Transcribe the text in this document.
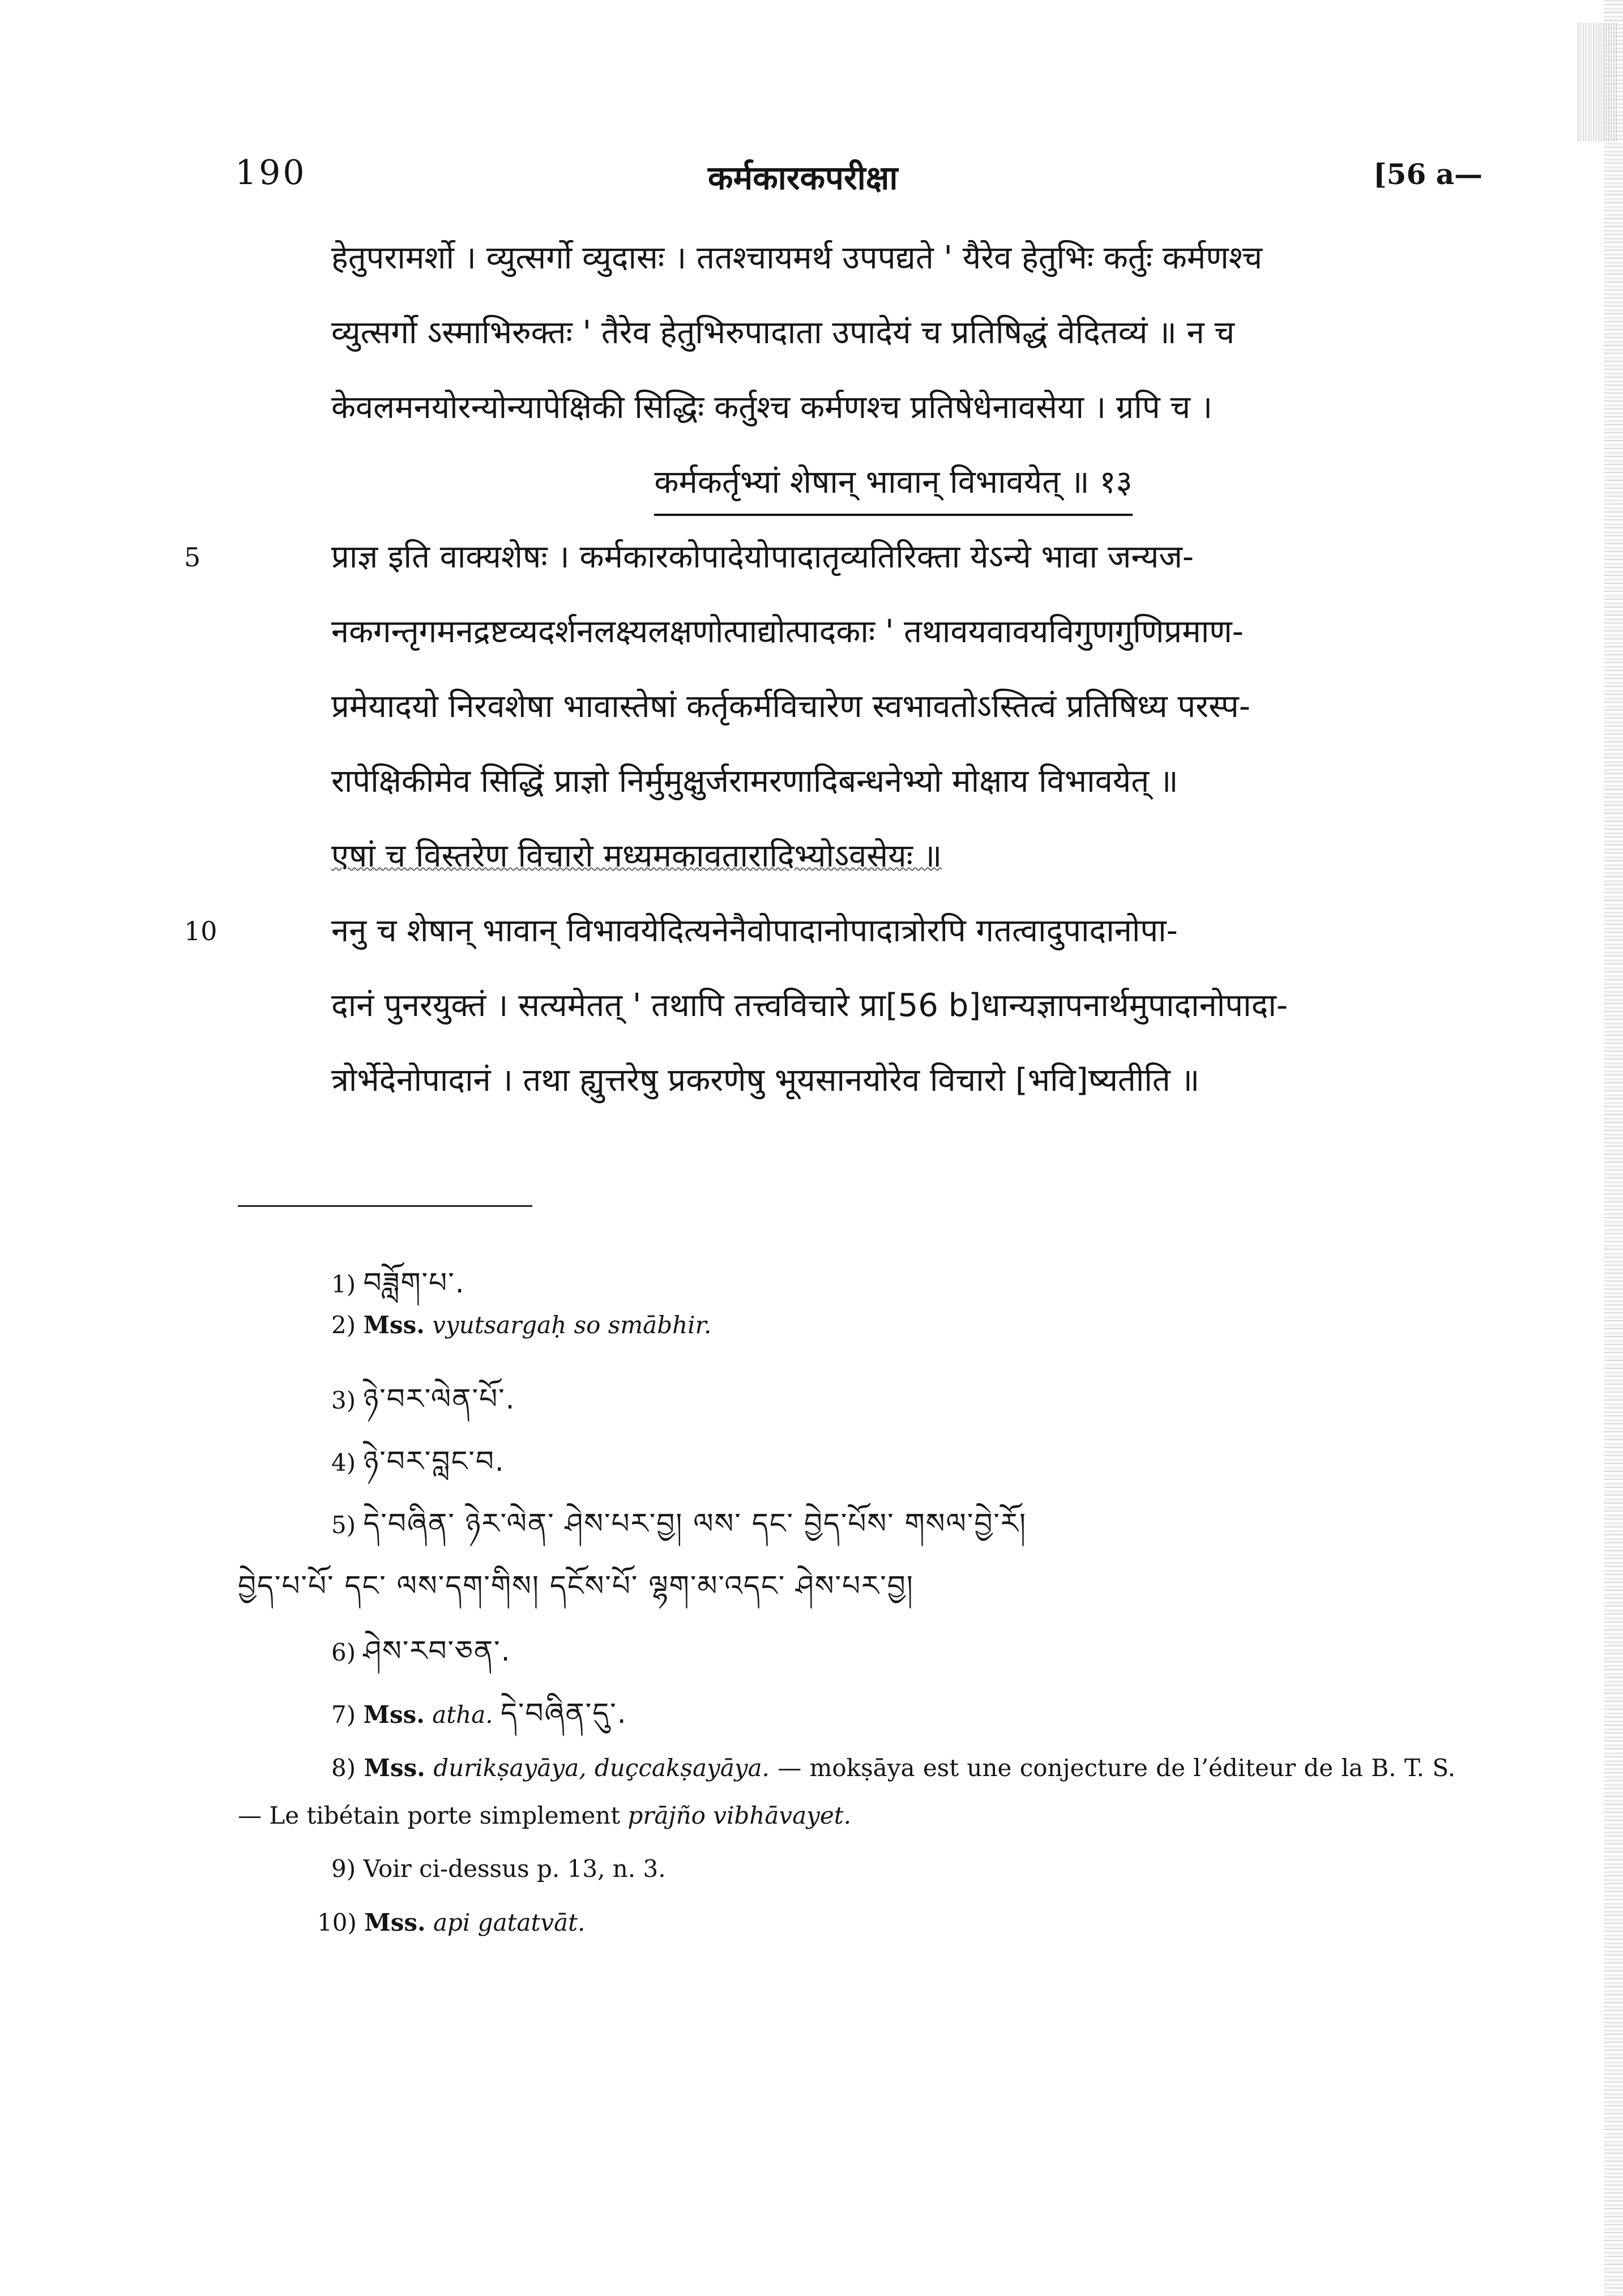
190	कर्मकारकपरीक्षा	[56 a—
हेतुपरामर्शो । व्युत्सर्गो व्युदासः । ततश्चायमर्थ उपपद्यते ' यैरेव हेतुभिः कर्तुः कर्मणश्च
व्युत्सर्गो ऽस्माभिरुक्तः ' तैरेव हेतुभिरुपादाता उपादेयं च प्रतिषिद्धं वेदितव्यं ॥ न च
केवलमनयोरन्योन्यापेक्षिकी सिद्धिः कर्तुश्च कर्मणश्च प्रतिषेधेनावसेया । ग्रपि च ।
कर्मकर्तृभ्यां शेषान् भावान् विभावयेत् ॥ १३
5	प्राज्ञ इति वाक्यशेषः । कर्मकारकोपादेयोपादातृव्यतिरिक्ता येऽन्ये भावा जन्यज-
नकगन्तृगमनद्रष्टव्यदर्शनलक्ष्यलक्षणोत्पाद्योत्पादकाः ' तथावयवावयविगुणगुणिप्रमाण-
प्रमेयादयो निरवशेषा भावास्तेषां कर्तृकर्मविचारेण स्वभावतोऽस्तित्वं प्रतिषिध्य परस्प-
रापेक्षिकीमेव सिद्धिं प्राज्ञो निर्मुमुक्षुर्जरामरणादिबन्धनेभ्यो मोक्षाय विभावयेत् ॥
एषां च विस्तरेण विचारो मध्यमकावतारादिभ्योऽवसेयः ॥
10	ननु च शेषान् भावान् विभावयेदित्यनेनैवोपादानोपादात्रोरपि गतत्वादुपादानोपा-
दानं पुनरयुक्तं । सत्यमेतत् ' तथापि तत्त्वविचारे प्रा[56 b]धान्यज्ञापनार्थमुपादानोपादा-
त्रोर्भेदेनोपादानं । तथा ह्युत्तरेषु प्रकरणेषु भूयसानयोरेव विचारो [भवि]ष्यतीति ॥
1) བཟློག་པ་.
2) Mss. vyutsargaḥ so smābhir.
3) ཉེ་བར་ལེན་པོ་.
4) ཉེ་བར་བླང་བ.
5) དེ་བཞིན་ ཉེར་ལེན་ ཤེས་པར་བྱ། ལས་ དང་ བྱེད་པོས་ གསལ་བྱེ་རོ།
བྱེད་པ་པོ་ དང་ ལས་དག་གིས། དངོས་པོ་ ལྷག་མ་འདང་ ཤེས་པར་བྱ།
6) ཤེས་རབ་ཅན་.
7) Mss. atha. དེ་བཞིན་དུ་.
8) Mss. durikṣayāya, duçcakṣayāya. — mokṣāya est une conjecture de l’éditeur de la B. T. S. — Le tibétain porte simplement prājño vibhāvayet.
9) Voir ci-dessus p. 13, n. 3.
10) Mss. api gatatvāt.
